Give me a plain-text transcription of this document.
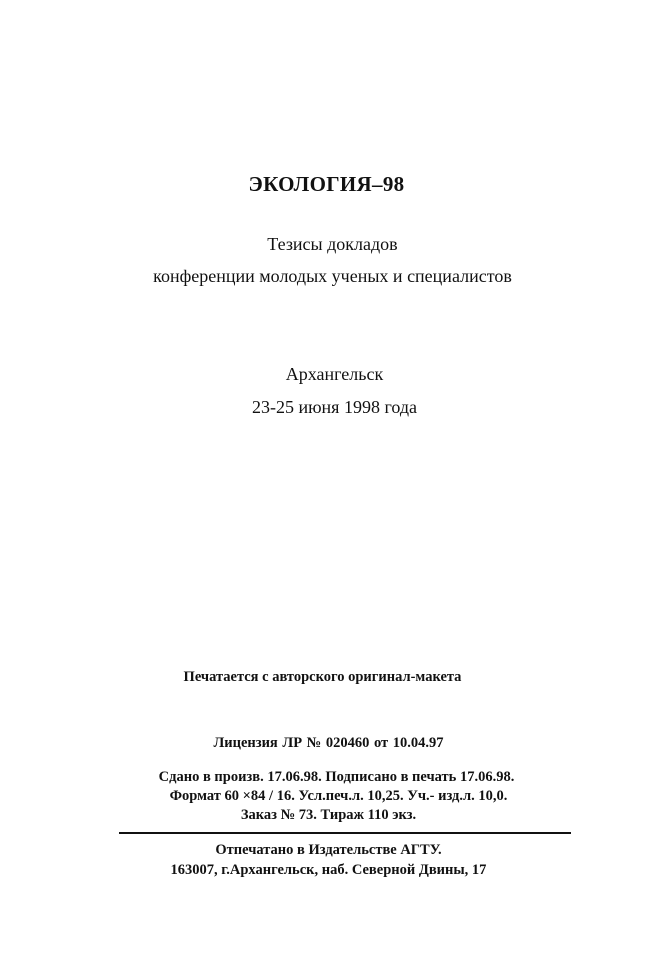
ЭКОЛОГИЯ–98
Тезисы докладов
конференции молодых ученых и специалистов
Архангельск
23-25 июня 1998 года
Печатается с авторского оригинал-макета
Лицензия ЛР № 020460 от 10.04.97
Сдано в произв. 17.06.98. Подписано в печать 17.06.98.
Формат 60 ×84 / 16. Усл.печ.л. 10,25. Уч.- изд.л. 10,0.
Заказ № 73. Тираж 110 экз.
Отпечатано в Издательстве АГТУ.
163007, г.Архангельск, наб. Северной Двины, 17
